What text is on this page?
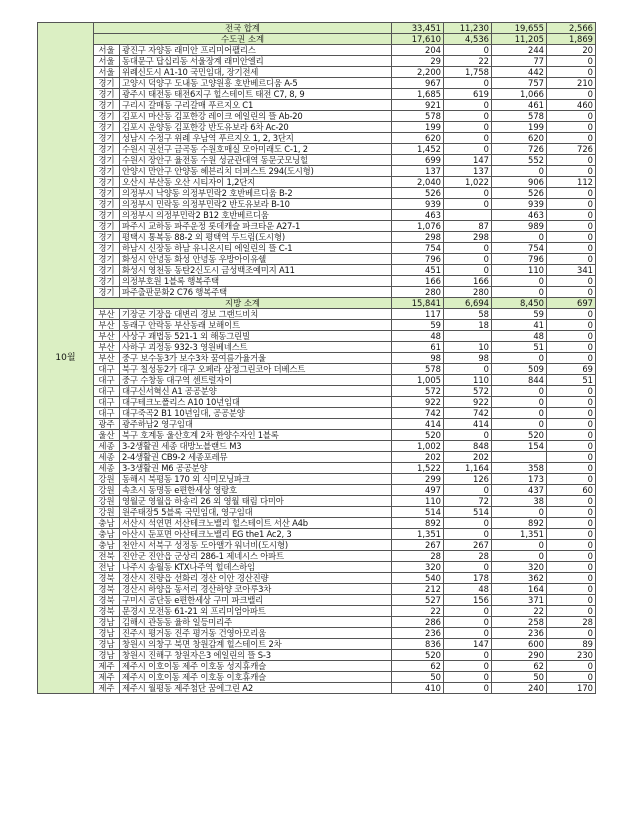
10월	전국 합계		33,451	11,230	19,655	2,566
	수도권 소계		17,610	4,536	11,205	1,869
	서울	광진구 자양동 래미안 프리미어팰리스	204	0	244	20
	서울	동대문구 답십리동 서울장계 래미안엘리	29	22	77	0
	서울	위례신도시 A1-10 국민임대, 장기전세	2,200	1,758	442	0
	경기	고양시 덕양구 도내동 고양원흥 호반베르디움 A-5	967	0	757	210
	경기	광주시 태전동 태전6지구 힐스테이트 태전 C7, 8, 9	1,685	619	1,066	0
	경기	구리시 갈매동 구리갈매 푸르지오 C1	921	0	461	460
	경기	김포시 마산동 김포한강 레이크 에일린의 뜰 Ab-20	578	0	578	0
	경기	김포시 운양동 김포한강 반도유보라 6차 Ac-20	199	0	199	0
	경기	성남시 수정구 위례 우남역 푸르지오 1, 2, 3단지	620	0	620	0
	경기	수원시 권선구 금곡동 수원호매실 모아미래도 C-1, 2	1,452	0	726	726
	경기	수원시 장안구 율전동 수원 성균관대역 동문굿모닝힐	699	147	552	0
	경기	안양시 만안구 안양동 헤븐리치 더퍼스트 294(도시형)	137	137	0	0
	경기	오산시 부산동 오산 시티자이 1,2단지	2,040	1,022	906	112
	경기	의정부시 낙양동 의정부민락2 호반베르디움 B-2	526	0	526	0
	경기	의정부시 민락동 의정부민락2 반도유보라 B-10	939	0	939	0
	경기	의정부시 의정부민락2 B12 호반베르디움	463		463	0
	경기	파주시 교하동 파주운정 롯데캐슬 파크타운 A27-1	1,076	87	989	0
	경기	평택시 통복동 88-2 외 평택역 두드림(도시형)	298	298	0	0
	경기	하남시 신장동 하남 유니온시티 에일린의 뜰 C-1	754	0	754	0
	경기	화성시 안녕동 화성 안녕동 우방아이유쉘	796	0	796	0
	경기	화성시 영천동 동탄2신도시 금성백조예미지 A11	451	0	110	341
	경기	의정부호원 1블록 행복주택	166	166	0	0
	경기	파주출판문화2 C76 행복주택	280	280	0	0
	지방 소계		15,841	6,694	8,450	697
	부산	기장군 기장읍 대변리 경보 그랜드비치	117	58	59	0
	부산	동래구 안락동 부산동래 보해이트	59	18	41	0
	부산	사상구 괘법동 521-1 외 해동그린빌	48		48	0
	부산	사하구 괴정동 932-3 영원베네스트	61	10	51	0
	부산	중구 보수동3가 보수3차 꿈여름가율거울	98	98	0	0
	대구	북구 칠성동2가 대구 오페라 삼정그린코아 더베스트	578	0	509	69
	대구	중구 수창동 대구역 센트럴자이	1,005	110	844	51
	대구	대구신서혁신 A1 공공분양	572	572	0	0
	대구	대구테크노폴리스 A10 10년임대	922	922	0	0
	대구	대구죽곡2 B1 10년임대, 공공분양	742	742	0	0
	광주	광주하남2 영구임대	414	414	0	0
	울산	북구 호계동 울산호계 2차 한양수자인 1블록	520	0	520	0
	세종	3-2생활권 세종 대방노블랜드 M3	1,002	848	154	0
	세종	2-4생활권 CB9-2 세종포레뮤	202	202		0
	세종	3-3생활권 M6 공공분양	1,522	1,164	358	0
	강원	동해시 북평동 170 외 식미모닝파크	299	126	173	0
	강원	속초시 동명동 e편한세상 영랑호	497	0	437	60
	강원	영월군 영월읍 하송리 26 외 영월 태림 다미아	110	72	38	0
	강원	원주태장5 5블록 국민임대, 영구임대	514	514	0	0
	충남	서산시 석연면 서산테크노밸리 힐스테이트 서산 A4b	892	0	892	0
	충남	아산시 둔포면 아산테크노밸리 EG the1 Ac2, 3	1,351	0	1,351	0
	충남	천안시 서북구 성정동 도아앨가 워너비(도시형)	267	267	0	0
	전북	진안군 진안읍 군상리 286-1 제네시스 아파트	28	28	0	0
	전남	나주시 송월동 KTX나주역 힐데스하임	320	0	320	0
	경북	경산시 진량읍 선화리 경산 이안 경산진량	540	178	362	0
	경북	경산시 하양읍 동서리 경산하양 코아루3차	212	48	164	0
	경북	구미시 공단동 e편한세상 구미 파크밸리	527	156	371	0
	경북	문경시 모전동 61-21 외 프리미엄아파트	22	0	22	0
	경남	김해시 관동동 율하 일등미리주	286	0	258	28
	경남	진주시 평거동 진주 평거동 건영아모리움	236	0	236	0
	경남	창원시 의창구 북면 창원감계 힐스테이트 2차	836	147	600	89
	경남	창원시 진해구 창원자은3 에일린의 뜰 S-3	520	0	290	230
	제주	제주시 이호이동 제주 이호동 성지휴캐슬	62	0	62	0
	제주	제주시 이호이동 제주 이호동 이호휴캐슬	50	0	50	0
	제주	제주시 월평동 제주첨단 꿈에그린 A2	410	0	240	170
